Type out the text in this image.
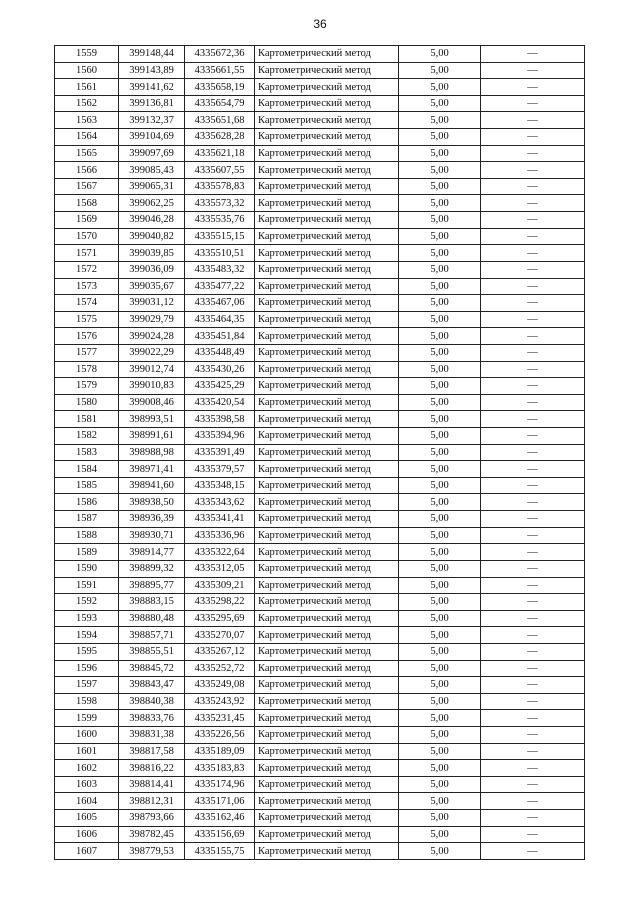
36
1559	399148,44	4335672,36	Картометрический метод	5,00	—
1560	399143,89	4335661,55	Картометрический метод	5,00	—
1561	399141,62	4335658,19	Картометрический метод	5,00	—
1562	399136,81	4335654,79	Картометрический метод	5,00	—
1563	399132,37	4335651,68	Картометрический метод	5,00	—
1564	399104,69	4335628,28	Картометрический метод	5,00	—
1565	399097,69	4335621,18	Картометрический метод	5,00	—
1566	399085,43	4335607,55	Картометрический метод	5,00	—
1567	399065,31	4335578,83	Картометрический метод	5,00	—
1568	399062,25	4335573,32	Картометрический метод	5,00	—
1569	399046,28	4335535,76	Картометрический метод	5,00	—
1570	399040,82	4335515,15	Картометрический метод	5,00	—
1571	399039,85	4335510,51	Картометрический метод	5,00	—
1572	399036,09	4335483,32	Картометрический метод	5,00	—
1573	399035,67	4335477,22	Картометрический метод	5,00	—
1574	399031,12	4335467,06	Картометрический метод	5,00	—
1575	399029,79	4335464,35	Картометрический метод	5,00	—
1576	399024,28	4335451,84	Картометрический метод	5,00	—
1577	399022,29	4335448,49	Картометрический метод	5,00	—
1578	399012,74	4335430,26	Картометрический метод	5,00	—
1579	399010,83	4335425,29	Картометрический метод	5,00	—
1580	399008,46	4335420,54	Картометрический метод	5,00	—
1581	398993,51	4335398,58	Картометрический метод	5,00	—
1582	398991,61	4335394,96	Картометрический метод	5,00	—
1583	398988,98	4335391,49	Картометрический метод	5,00	—
1584	398971,41	4335379,57	Картометрический метод	5,00	—
1585	398941,60	4335348,15	Картометрический метод	5,00	—
1586	398938,50	4335343,62	Картометрический метод	5,00	—
1587	398936,39	4335341,41	Картометрический метод	5,00	—
1588	398930,71	4335336,96	Картометрический метод	5,00	—
1589	398914,77	4335322,64	Картометрический метод	5,00	—
1590	398899,32	4335312,05	Картометрический метод	5,00	—
1591	398895,77	4335309,21	Картометрический метод	5,00	—
1592	398883,15	4335298,22	Картометрический метод	5,00	—
1593	398880,48	4335295,69	Картометрический метод	5,00	—
1594	398857,71	4335270,07	Картометрический метод	5,00	—
1595	398855,51	4335267,12	Картометрический метод	5,00	—
1596	398845,72	4335252,72	Картометрический метод	5,00	—
1597	398843,47	4335249,08	Картометрический метод	5,00	—
1598	398840,38	4335243,92	Картометрический метод	5,00	—
1599	398833,76	4335231,45	Картометрический метод	5,00	—
1600	398831,38	4335226,56	Картометрический метод	5,00	—
1601	398817,58	4335189,09	Картометрический метод	5,00	—
1602	398816,22	4335183,83	Картометрический метод	5,00	—
1603	398814,41	4335174,96	Картометрический метод	5,00	—
1604	398812,31	4335171,06	Картометрический метод	5,00	—
1605	398793,66	4335162,46	Картометрический метод	5,00	—
1606	398782,45	4335156,69	Картометрический метод	5,00	—
1607	398779,53	4335155,75	Картометрический метод	5,00	—
